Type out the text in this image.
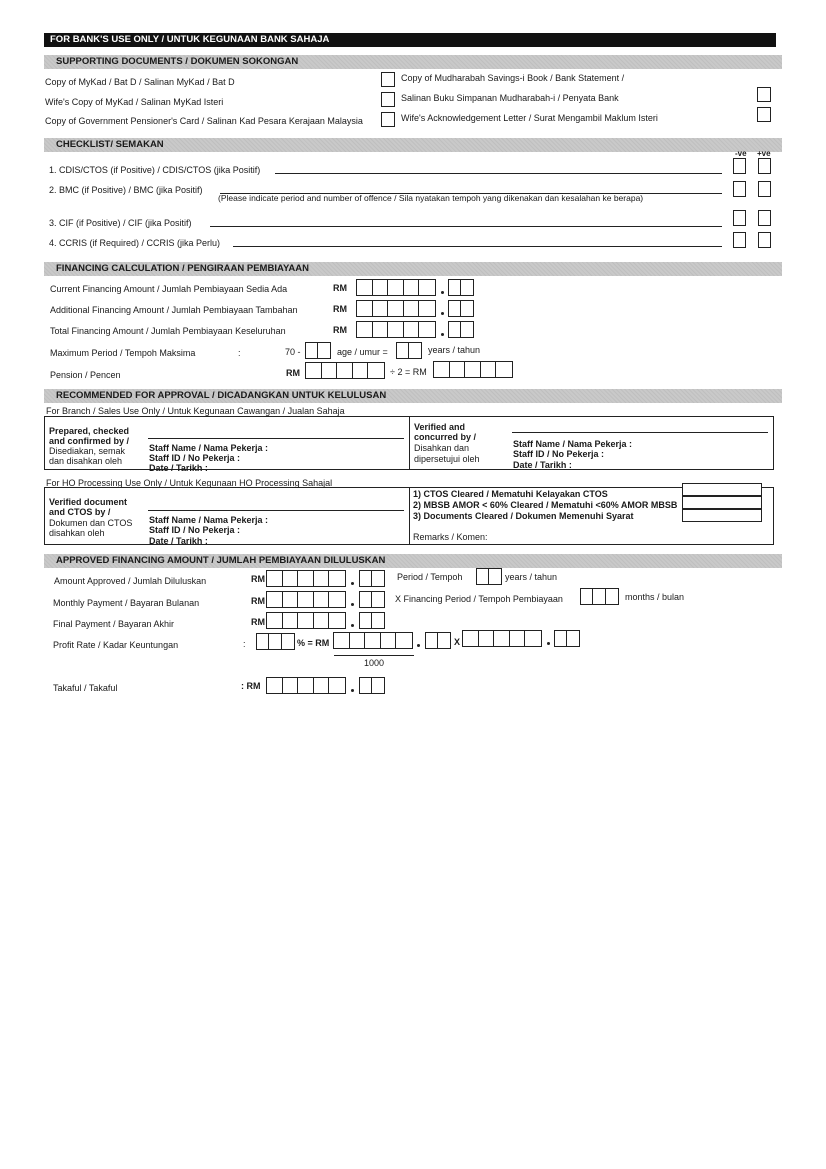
FOR BANK'S USE ONLY / UNTUK KEGUNAAN BANK SAHAJA
SUPPORTING DOCUMENTS / DOKUMEN SOKONGAN
Copy of MyKad / Bat D / Salinan MyKad / Bat D
Wife's Copy of MyKad / Salinan MyKad Isteri
Copy of Government Pensioner's Card / Salinan Kad Pesara Kerajaan Malaysia
Copy of Mudharabah Savings-i Book / Bank Statement /
Salinan Buku Simpanan Mudharabah-i / Penyata Bank
Wife's Acknowledgement Letter / Surat Mengambil Maklum Isteri
CHECKLIST/ SEMAKAN
-ve +ve
1. CDIS/CTOS (if Positive) / CDIS/CTOS (jika Positif)
2. BMC (if Positive) / BMC (jika Positif)
(Please indicate period and number of offence / Sila nyatakan tempoh yang dikenakan dan kesalahan ke berapa)
3. CIF (if Positive) / CIF (jika Positif)
4. CCRIS (if Required) / CCRIS (jika Perlu)
FINANCING CALCULATION / PENGIRAAN PEMBIAYAAN
Current Financing Amount / Jumlah Pembiayaan Sedia Ada	RM
Additional Financing Amount / Jumlah Pembiayaan Tambahan	RM
Total Financing Amount / Jumlah Pembiayaan Keseluruhan	RM
Maximum Period / Tempoh Maksima	:	70 -	age / umur =	years / tahun
Pension / Pencen	RM	÷ 2 = RM
RECOMMENDED FOR APPROVAL / DICADANGKAN UNTUK KELULUSAN
For Branch / Sales Use Only / Untuk Kegunaan Cawangan / Jualan Sahaja
Prepared, checked
and confirmed by /
Disediakan, semak
dan disahkan oleh
Staff Name / Nama Pekerja :
Staff ID / No Pekerja :
Date / Tarikh :
Verified and
concurred by /
Disahkan dan
dipersetujui oleh
Staff Name / Nama Pekerja :
Staff ID / No Pekerja :
Date / Tarikh :
For HO Processing Use Only / Untuk Kegunaan HO Processing Sahajal
Verified document
and CTOS by /
Dokumen dan CTOS
disahkan oleh
Staff Name / Nama Pekerja :
Staff ID / No Pekerja :
Date / Tarikh :
1) CTOS Cleared / Mematuhi Kelayakan CTOS
2) MBSB AMOR < 60% Cleared / Mematuhi <60% AMOR MBSB
3) Documents Cleared / Dokumen Memenuhi Syarat
Remarks / Komen:
APPROVED FINANCING AMOUNT / JUMLAH PEMBIAYAAN DILULUSKAN
Amount Approved / Jumlah Diluluskan	RM	Period / Tempoh	years / tahun
Monthly Payment / Bayaran Bulanan	RM	X Financing Period / Tempoh Pembiayaan	months / bulan
Final Payment / Bayaran Akhir	RM
Profit Rate / Kadar Keuntungan	:	% = RM	X
1000
Takaful / Takaful	: RM
